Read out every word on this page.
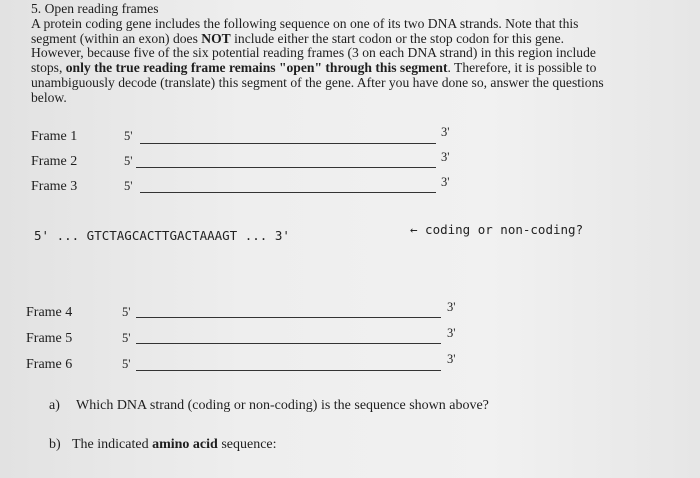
5. Open reading frames
A protein coding gene includes the following sequence on one of its two DNA strands. Note that this
segment (within an exon) does NOT include either the start codon or the stop codon for this gene.
However, because five of the six potential reading frames (3 on each DNA strand) in this region include
stops, only the true reading frame remains "open" through this segment. Therefore, it is possible to
unambiguously decode (translate) this segment of the gene. After you have done so, answer the questions
below.
Frame 1	5'	3'
Frame 2	5'	3'
Frame 3	5'	3'
5' ... GTCTAGCACTTGACTAAAGT ... 3'	← coding or non-coding?
Frame 4	5'	3'
Frame 5	5'	3'
Frame 6	5'	3'
a) Which DNA strand (coding or non-coding) is the sequence shown above?
b) The indicated amino acid sequence:
